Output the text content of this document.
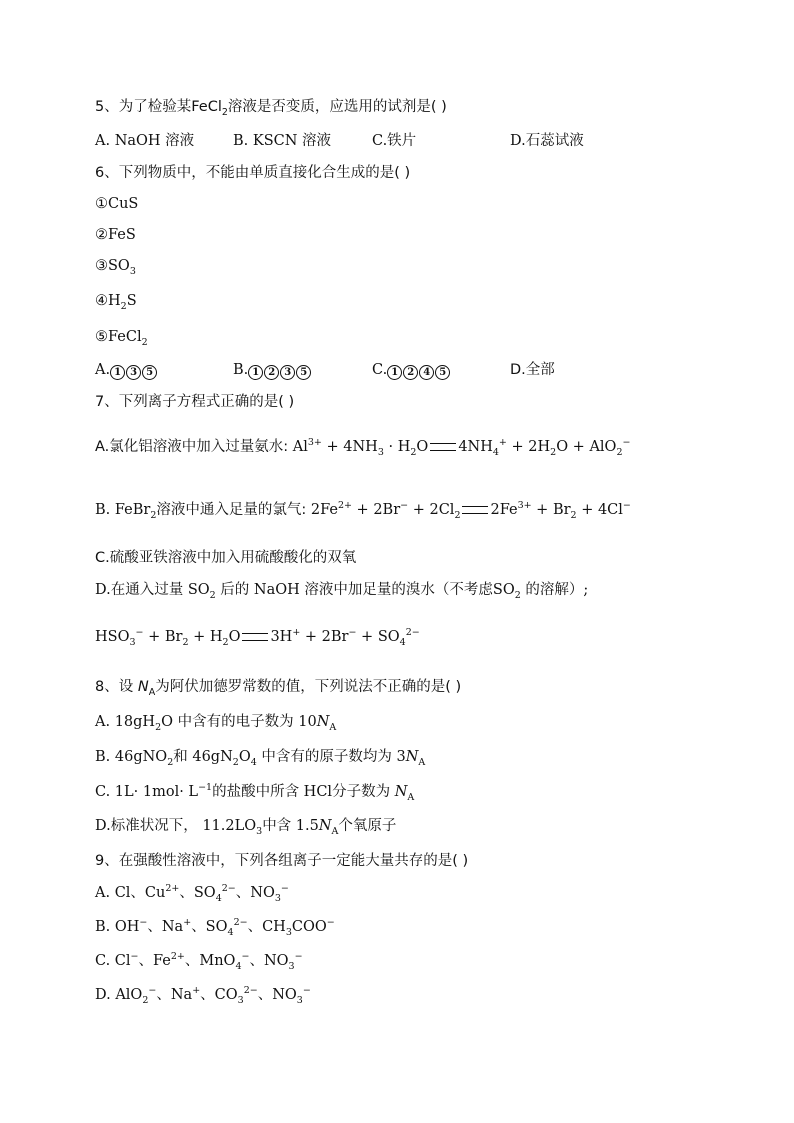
5、为了检验某FeCl$_2$溶液是否变质，应选用的试剂是( )
A. NaOH 溶液	B. KSCN 溶液	C.铁片	D.石蕊试液
6、下列物质中，不能由单质直接化合生成的是( )
①CuS
②FeS
$③SO_3$
$④H_2S$
⑤FeCl$_2$
A. 1 3 5	B. 1 2 3 5	C. 1 2 4 5	D.全部
7、下列离子方程式正确的是( )
A.氯化铝溶液中加入过量氨水: $Al^{3+} + 4NH_3 \cdot H_2O$ $4NH_4^+ + 2H_2O + AlO_2^-$
B. FeBr$_2$溶液中通入足量的氯气: $2Fe^{2+} + 2Br^- + 2Cl_2$ $2Fe^{3+} + Br_2 + 4Cl^-$
C.硫酸亚铁溶液中加入用硫酸酸化的双氧
D.在通入过量 $SO_2$ 后的 NaOH 溶液中加足量的溴水（不考虑$SO_2$ 的溶解）;
$HSO_3^- + Br_2 + H_2O$ $3H^+ + 2Br^- + SO_4^{2-}$
8、设 $N_A$为阿伏加德罗常数的值，下列说法不正确的是( )
A. $18gH_2O$ 中含有的电子数为 $10N_A$
B. 46gNO$_2$和 $46gN_2O_4$ 中含有的原子数均为 $3N_A$
C. $1L\cdot 1mol\cdot L^{-1}$的盐酸中所含 HCl分子数为 $N_A$
D.标准状况下， $11.2LO_3$中含 $1.5N_A$个氧原子
9、在强酸性溶液中，下列各组离子一定能大量共存的是( )
A. Cl、$Cu^{2+}$、$SO_4^{2-}$、$NO_3^-$
B. OH−、Na+、$SO_4^{2-}$、$CH_3COO^-$
C. Cl−、$Fe^{2+}$、MnO$_4$−、$NO_3^-$
D. AlO$_2$−、Na+、$CO_3^{2-}$、$NO_3^-$
